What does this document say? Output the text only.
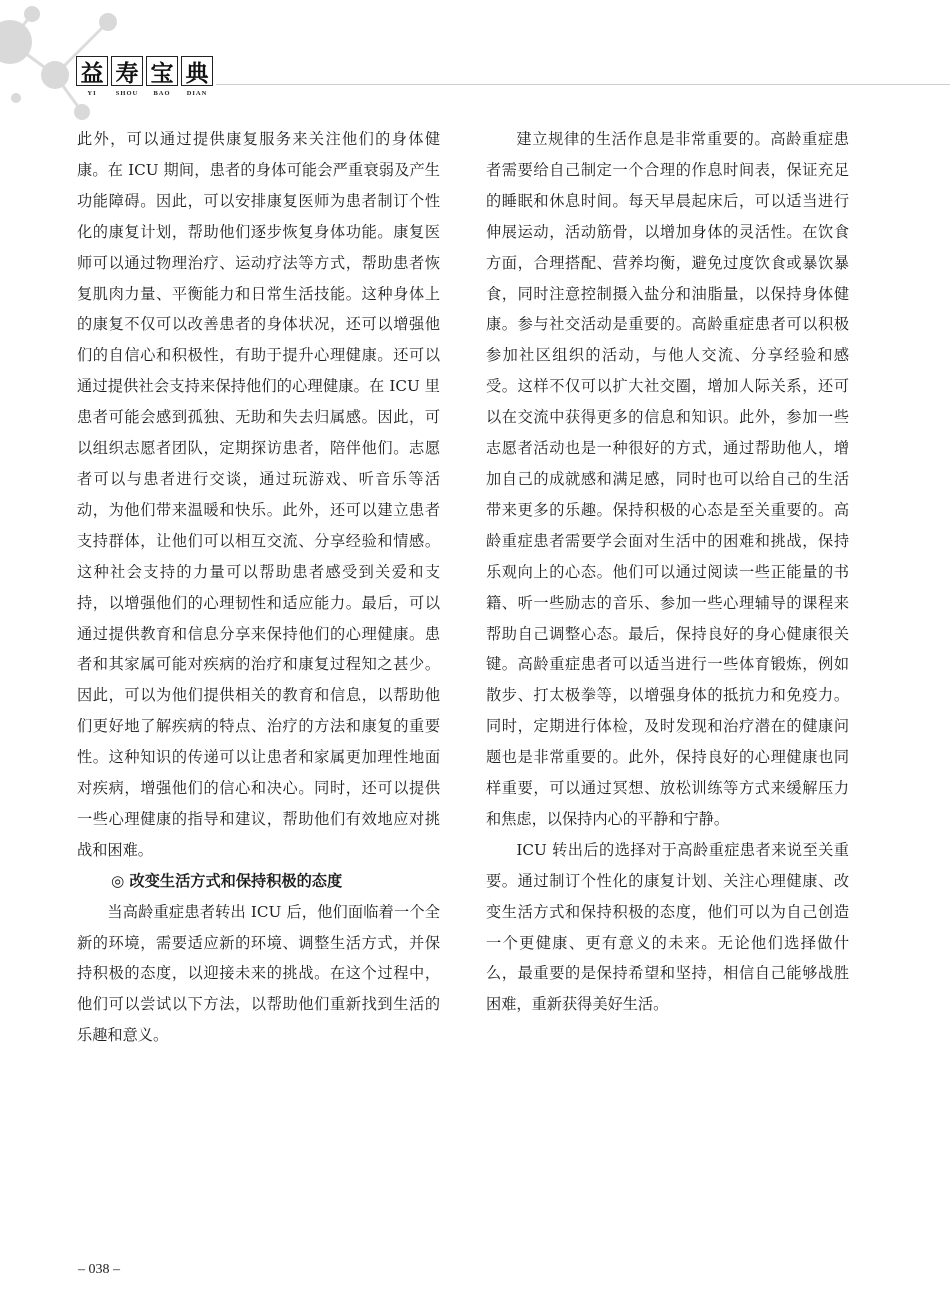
益 寿 宝 典
YI	SHOU	BAO	DIAN

此外，可以通过提供康复服务来关注他们的身体健康。在 ICU 期间，患者的身体可能会严重衰弱及产生功能障碍。因此，可以安排康复医师为患者制订个性化的康复计划，帮助他们逐步恢复身体功能。康复医师可以通过物理治疗、运动疗法等方式，帮助患者恢复肌肉力量、平衡能力和日常生活技能。这种身体上的康复不仅可以改善患者的身体状况，还可以增强他们的自信心和积极性，有助于提升心理健康。还可以通过提供社会支持来保持他们的心理健康。在 ICU 里患者可能会感到孤独、无助和失去归属感。因此，可以组织志愿者团队，定期探访患者，陪伴他们。志愿者可以与患者进行交谈，通过玩游戏、听音乐等活动，为他们带来温暖和快乐。此外，还可以建立患者支持群体，让他们可以相互交流、分享经验和情感。这种社会支持的力量可以帮助患者感受到关爱和支持，以增强他们的心理韧性和适应能力。最后，可以通过提供教育和信息分享来保持他们的心理健康。患者和其家属可能对疾病的治疗和康复过程知之甚少。因此，可以为他们提供相关的教育和信息，以帮助他们更好地了解疾病的特点、治疗的方法和康复的重要性。这种知识的传递可以让患者和家属更加理性地面对疾病，增强他们的信心和决心。同时，还可以提供一些心理健康的指导和建议，帮助他们有效地应对挑战和困难。

◎ 改变生活方式和保持积极的态度

当高龄重症患者转出 ICU 后，他们面临着一个全新的环境，需要适应新的环境、调整生活方式，并保持积极的态度，以迎接未来的挑战。在这个过程中，他们可以尝试以下方法，以帮助他们重新找到生活的乐趣和意义。

建立规律的生活作息是非常重要的。高龄重症患者需要给自己制定一个合理的作息时间表，保证充足的睡眠和休息时间。每天早晨起床后，可以适当进行伸展运动，活动筋骨，以增加身体的灵活性。在饮食方面，合理搭配、营养均衡，避免过度饮食或暴饮暴食，同时注意控制摄入盐分和油脂量，以保持身体健康。参与社交活动是重要的。高龄重症患者可以积极参加社区组织的活动，与他人交流、分享经验和感受。这样不仅可以扩大社交圈，增加人际关系，还可以在交流中获得更多的信息和知识。此外，参加一些志愿者活动也是一种很好的方式，通过帮助他人，增加自己的成就感和满足感，同时也可以给自己的生活带来更多的乐趣。保持积极的心态是至关重要的。高龄重症患者需要学会面对生活中的困难和挑战，保持乐观向上的心态。他们可以通过阅读一些正能量的书籍、听一些励志的音乐、参加一些心理辅导的课程来帮助自己调整心态。最后，保持良好的身心健康很关键。高龄重症患者可以适当进行一些体育锻炼，例如散步、打太极拳等，以增强身体的抵抗力和免疫力。同时，定期进行体检，及时发现和治疗潜在的健康问题也是非常重要的。此外，保持良好的心理健康也同样重要，可以通过冥想、放松训练等方式来缓解压力和焦虑，以保持内心的平静和宁静。

ICU 转出后的选择对于高龄重症患者来说至关重要。通过制订个性化的康复计划、关注心理健康、改变生活方式和保持积极的态度，他们可以为自己创造一个更健康、更有意义的未来。无论他们选择做什么，最重要的是保持希望和坚持，相信自己能够战胜困难，重新获得美好生活。

– 038 –
